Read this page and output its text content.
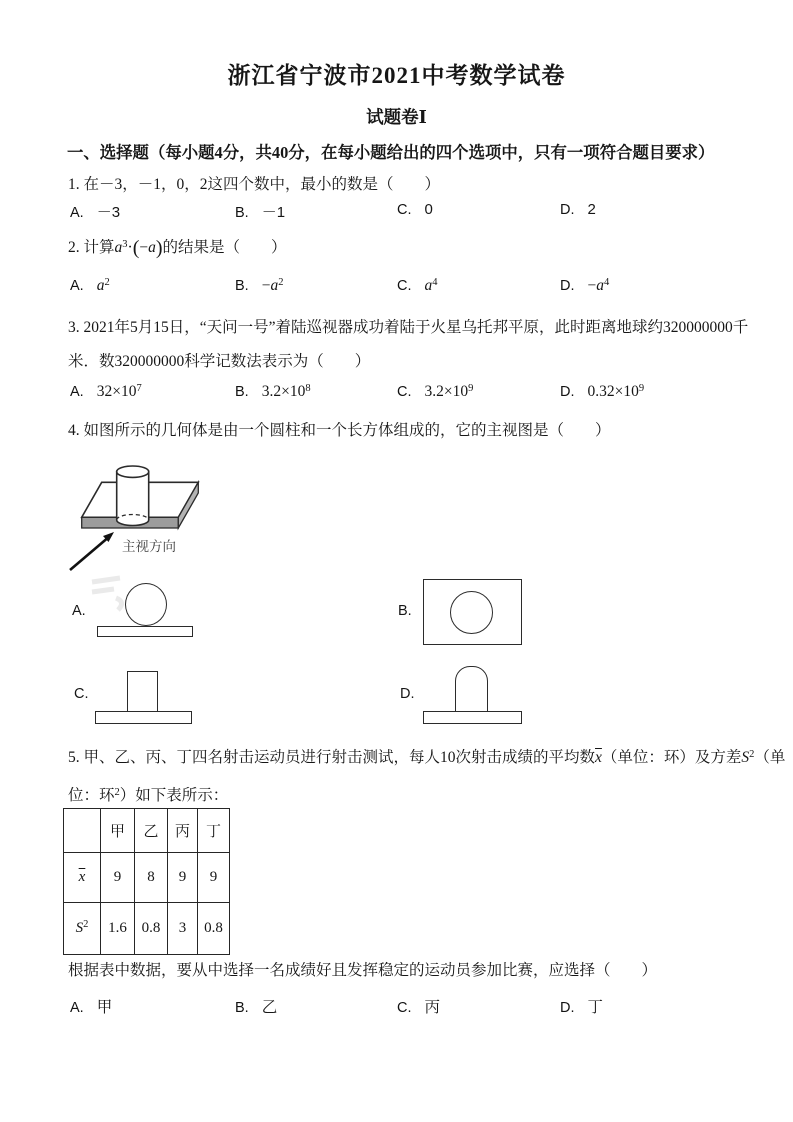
浙江省宁波市2021中考数学试卷
试题卷Ⅰ
一、选择题（每小题4分，共40分，在每小题给出的四个选项中，只有一项符合题目要求）
1. 在－3，－1，0，2这四个数中，最小的数是（　　）
A. －3	B. －1	C. 0	D. 2
2. 计算$a^3\cdot(-a)$的结果是（　　）
A. $a^2$	B. $-a^2$	C. $a^4$	D. $-a^4$
3. 2021年5月15日，“天问一号”着陆巡视器成功着陆于火星乌托邦平原，此时距离地球约320000000千
米．数320000000科学记数法表示为（　　）
A. $32\times 10^7$	B. $3.2\times 10^8$	C. $3.2\times 10^9$	D. $0.32\times 10^9$
4. 如图所示的几何体是由一个圆柱和一个长方体组成的，它的主视图是（　　）
主视方向
A.	B.
C.	D.
5. 甲、乙、丙、丁四名射击运动员进行射击测试，每人10次射击成绩的平均数$\overline{x}$（单位：环）及方差$S^2$（单
位：环$^2$）如下表所示：
	甲	乙	丙	丁
$\overline{x}$	9	8	9	9
$S^2$	1.6	0.8	3	0.8
根据表中数据，要从中选择一名成绩好且发挥稳定的运动员参加比赛，应选择（　　）
A. 甲	B. 乙	C. 丙	D. 丁
